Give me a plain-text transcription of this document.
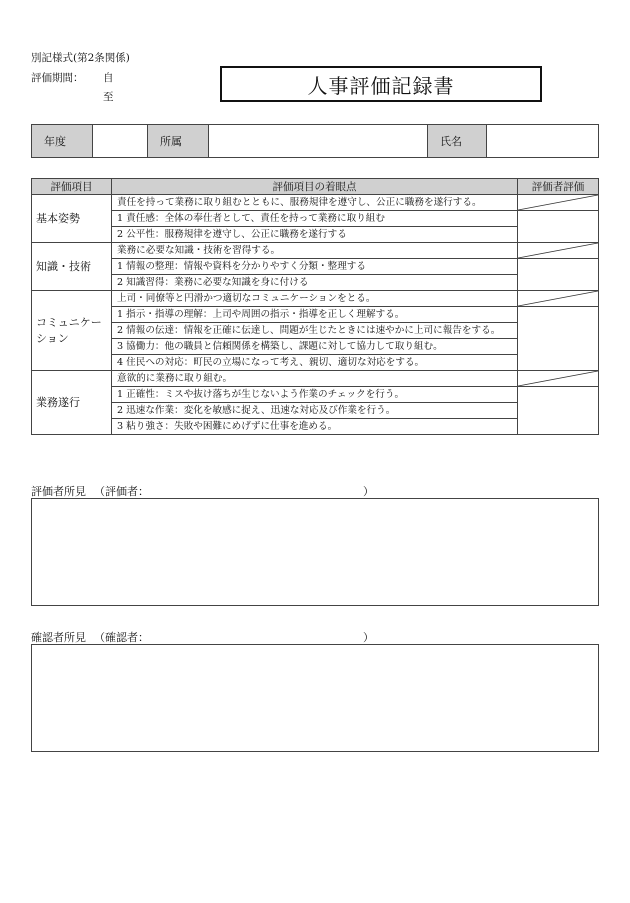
別記様式(第2条関係)
評価期間： 自
至	人事評価記録書
年度		所属		氏名	
評価項目	評価項目の着眼点	評価者評価
基本姿勢	責任を持って業務に取り組むとともに、服務規律を遵守し、公正に職務を遂行する。	

	1 責任感：全体の奉仕者として、責任を持って業務に取り組む	
	2 公平性：服務規律を遵守し、公正に職務を遂行する	
知識・技術	業務に必要な知識・技術を習得する。	

	1 情報の整理：情報や資料を分かりやすく分類・整理する	
	2 知識習得：業務に必要な知識を身に付ける	
コミュニケーション	上司・同僚等と円滑かつ適切なコミュニケーションをとる。	

	1 指示・指導の理解：上司や周囲の指示・指導を正しく理解する。	
	2 情報の伝達：情報を正確に伝達し、問題が生じたときには速やかに上司に報告をする。	
	3 協働力：他の職員と信頼関係を構築し、課題に対して協力して取り組む。	
	4 住民への対応：町民の立場になって考え、親切、適切な対応をする。	
業務遂行	意欲的に業務に取り組む。	

	1 正確性：ミスや抜け落ちが生じないよう作業のチェックを行う。	
	2 迅速な作業：変化を敏感に捉え、迅速な対応及び作業を行う。	
	3 粘り強さ：失敗や困難にめげずに仕事を進める。	
評価者所見 （評価者：	）
確認者所見 （確認者：	）
